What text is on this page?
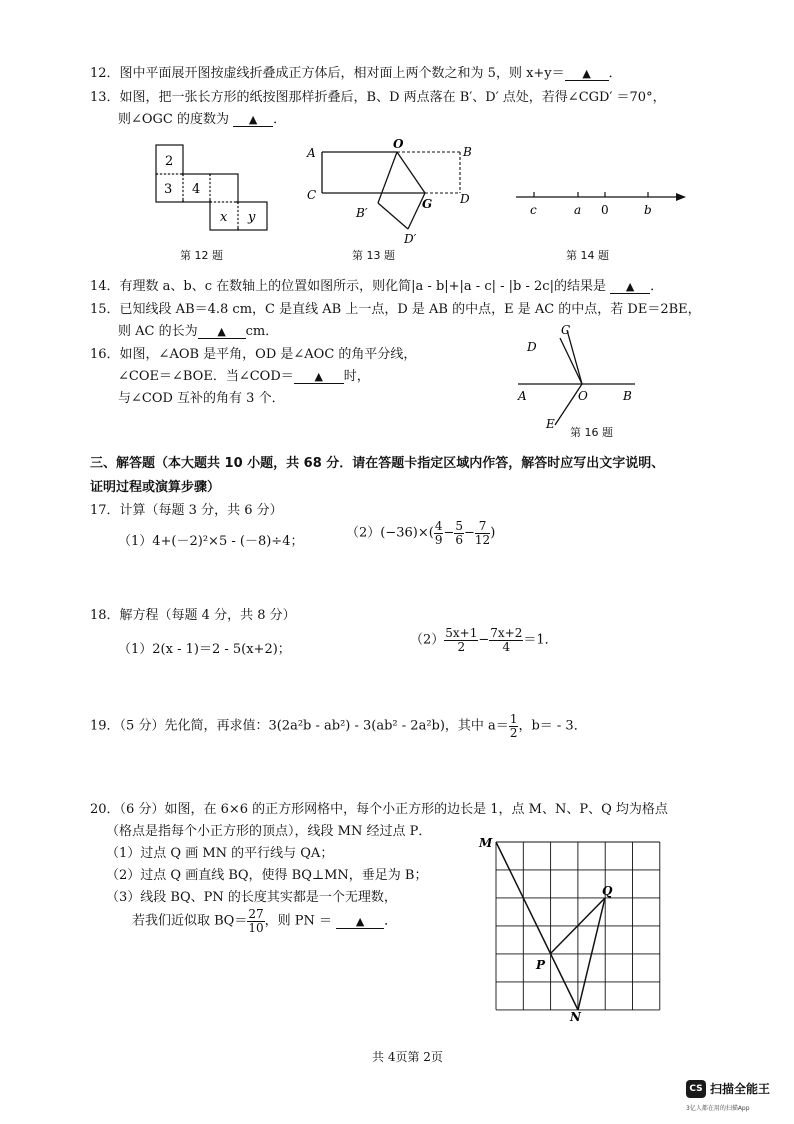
12．图中平面展开图按虚线折叠成正方体后，相对面上两个数之和为 5，则 x+y＝ ▲ ．
13．如图，把一张长方形的纸按图那样折叠后，B、D 两点落在 B′、D′ 点处，若得∠CGD′ ＝70°，
则∠OGC 的度数为 ▲ ．
2
3 4
x y
第 12 题
A
O
B
C
G D
B′
D′
第 13 题
c	a 0	b
第 14 题
14．有理数 a、b、c 在数轴上的位置如图所示，则化简|a - b|+|a - c| - |b - 2c|的结果是 ▲ ．
15．已知线段 AB＝4.8 cm，C 是直线 AB 上一点，D 是 AB 的中点，E 是 AC 的中点，若 DE＝2BE，
则 AC 的长为 ▲ cm．
16．如图，∠AOB 是平角，OD 是∠AOC 的角平分线，
∠COE＝∠BOE．当∠COD＝ ▲ 时，
与∠COD 互补的角有 3 个．
C
D
A	O	B
E
第 16 题
三、解答题（本大题共 10 小题，共 68 分．请在答题卡指定区域内作答，解答时应写出文字说明、
证明过程或演算步骤）
17．计算（每题 3 分，共 6 分）
（1）4+(－2)²×5 - (－8)÷4；
$(2)(-36)\times( \frac{4}{9} - \frac{5}{6} - \frac{7}{12}$ )
18．解方程（每题 4 分，共 8 分）
（1）2(x - 1)＝2 - 5(x+2)；
$(2) \frac{5x+1}{2} - \frac{7x+2}{4} =1$．
19．（5 分）先化简，再求值：3(2a²b - ab²) - 3(ab² - 2a²b)，其中 $a= \frac{1}{2}$ ，b＝ - 3．
20．（6 分）如图，在 6×6 的正方形网格中，每个小正方形的边长是 1，点 M、N、P、Q 均为格点
（格点是指每个小正方形的顶点），线段 MN 经过点 P．
（1）过点 Q 画 MN 的平行线与 QA；
（2）过点 Q 画直线 BQ，使得 BQ⊥MN，垂足为 B；
（3）线段 BQ、PN 的长度其实都是一个无理数，
若我们近似取 $BQ= \frac{27}{10}$ ，则 PN ＝ ▲ ．
M
Q
P
N
共 4页第 2页
CS 扫描全能王
3亿人都在用的扫描App
